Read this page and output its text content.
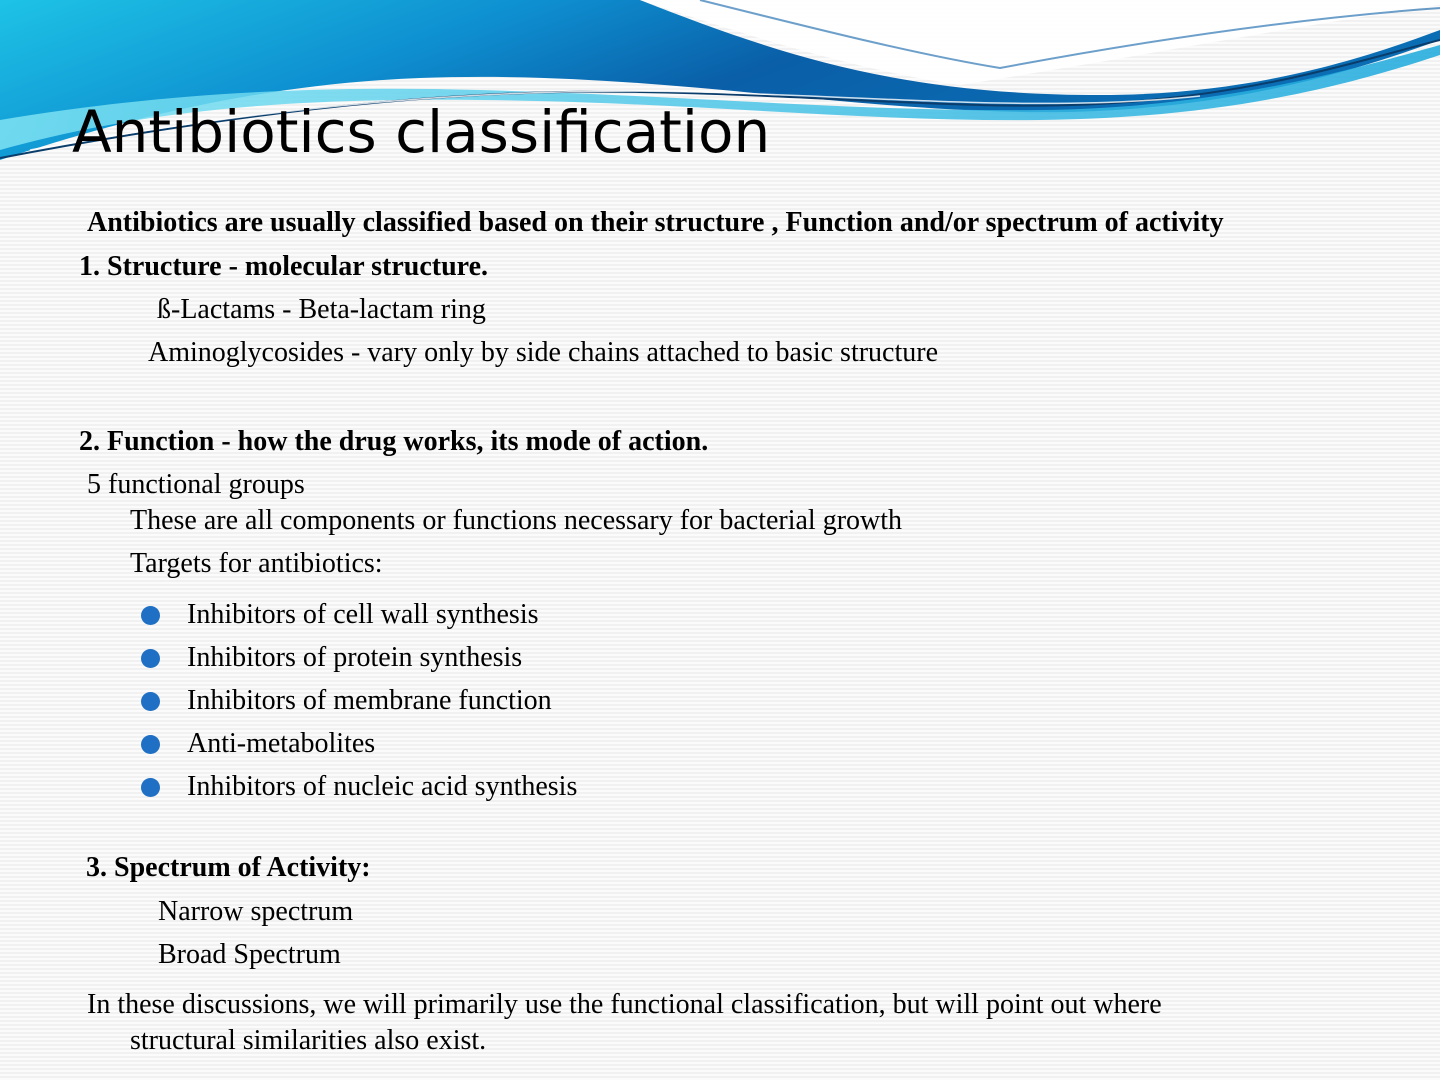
Antibiotics classification
Antibiotics are usually classified based on their structure , Function and/or spectrum of activity
1. Structure - molecular structure.
ß-Lactams - Beta-lactam ring
Aminoglycosides - vary only by side chains attached to basic structure
2. Function - how the drug works, its mode of action.
5 functional groups
These are all components or functions necessary for bacterial growth
Targets for antibiotics:
Inhibitors of cell wall synthesis
Inhibitors of protein synthesis
Inhibitors of membrane function
Anti-metabolites
Inhibitors of nucleic acid synthesis
3. Spectrum of Activity:
Narrow spectrum
Broad Spectrum
In these discussions, we will primarily use the functional classification, but will point out where
structural similarities also exist.
